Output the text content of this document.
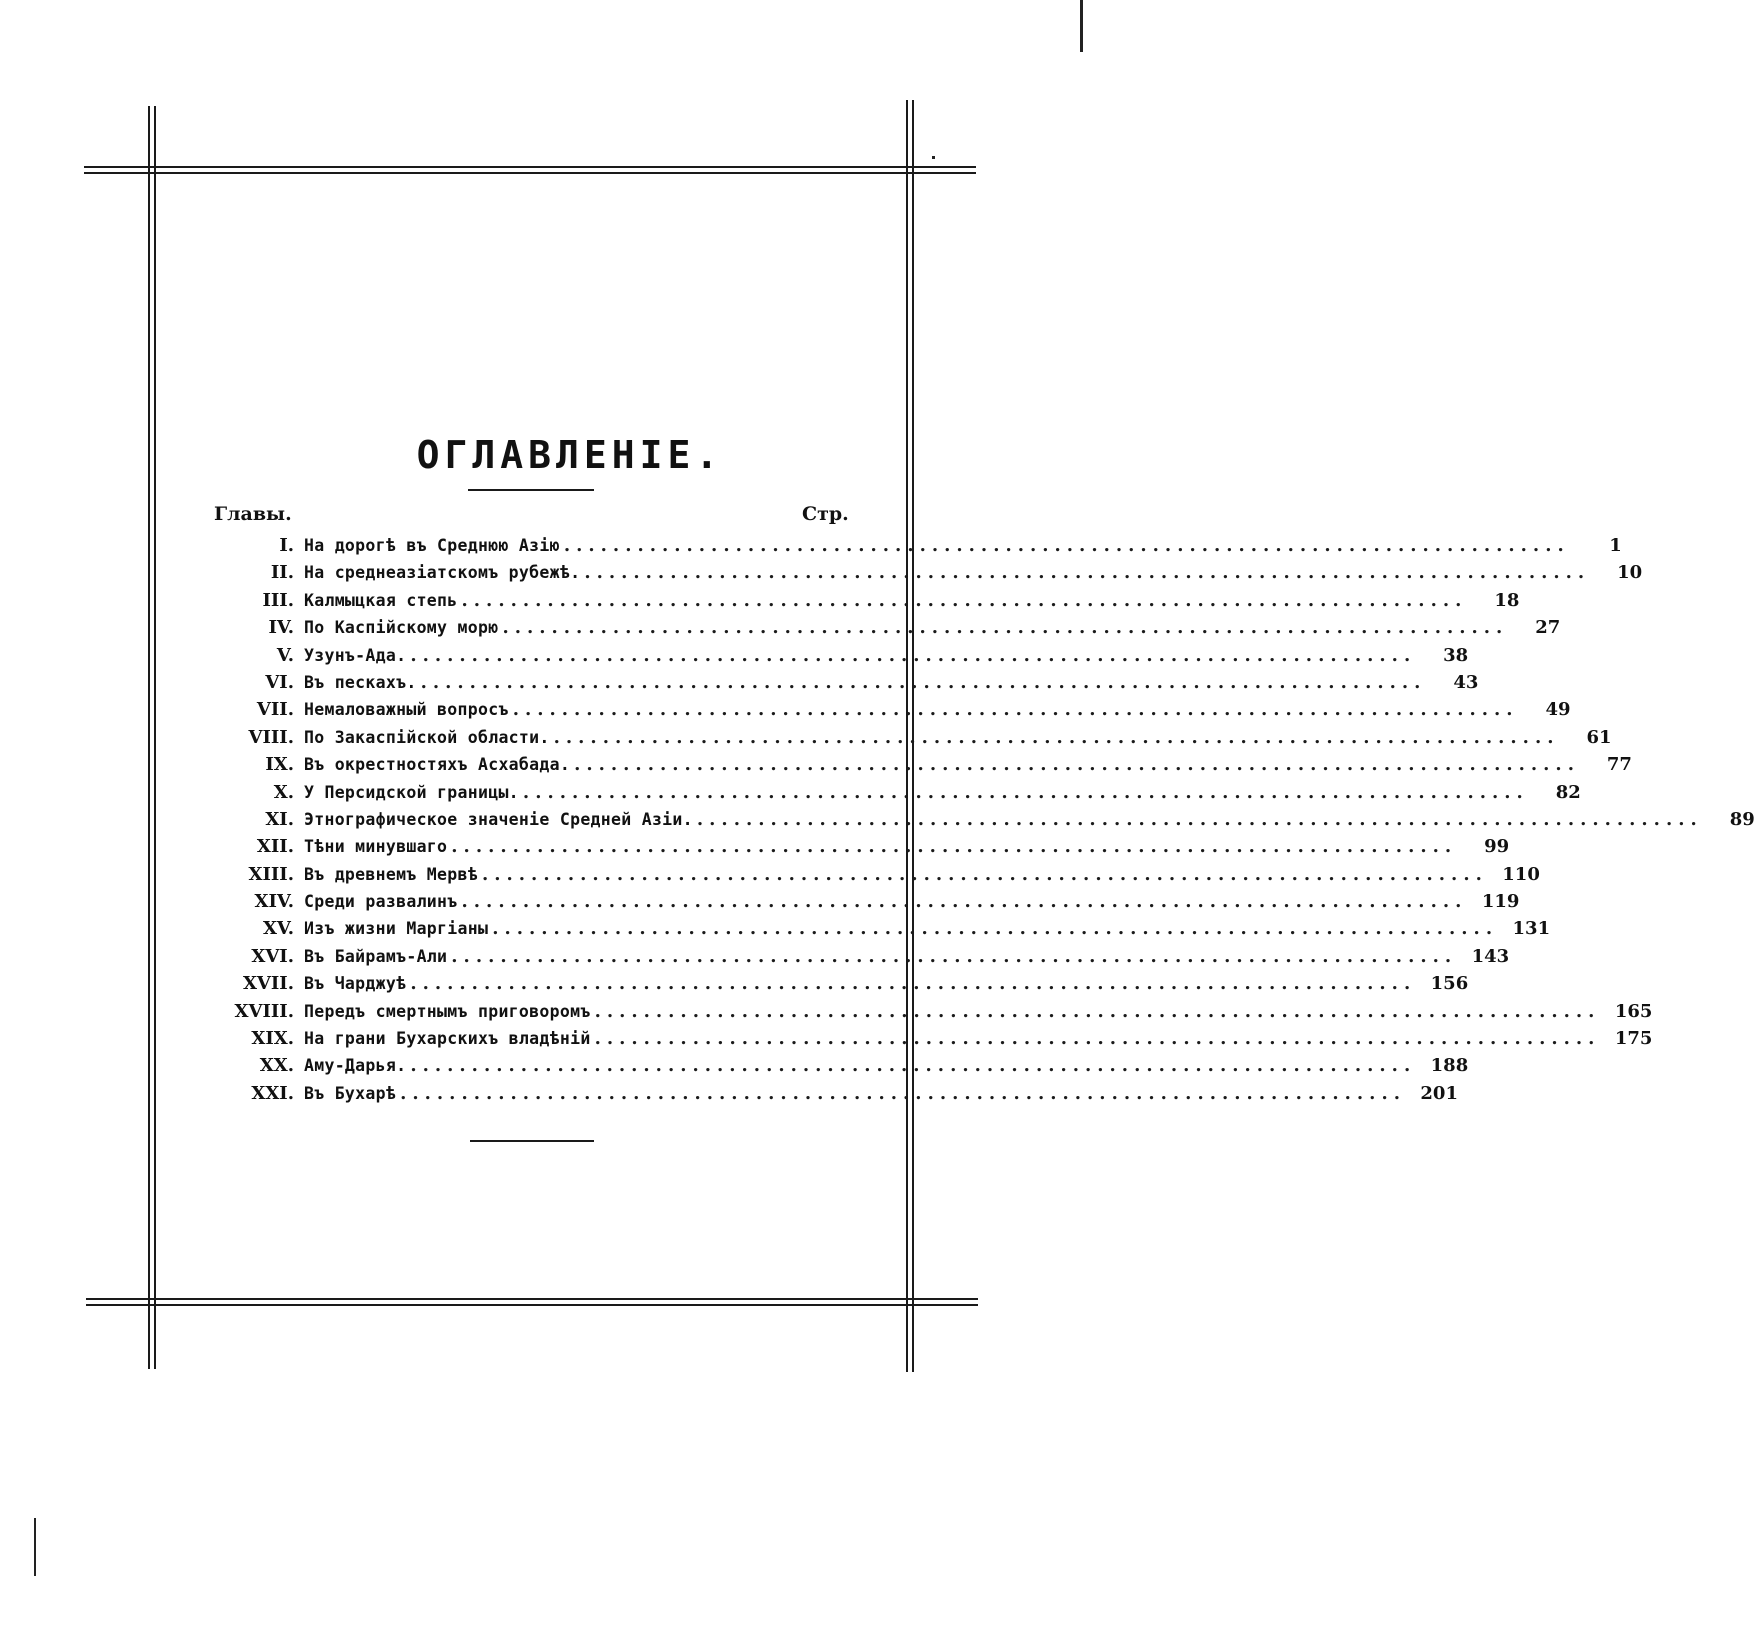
ОГЛАВЛЕНІЕ.
Главы.	Стр.
I. На дорогѣ въ Среднюю Азію ..................................................................................	1
II. На среднеазіатскомъ рубежѣ. ..................................................................................	10
III. Калмыцкая степь ..................................................................................	18
IV. По Каспійскому морю ..................................................................................	27
V. Узунъ-Ада. ..................................................................................	38
VI. Въ пескахъ. ..................................................................................	43
VII. Немаловажный вопросъ ..................................................................................	49
VIII. По Закаспійской области. ..................................................................................	61
IX. Въ окрестностяхъ Асхабада. ..................................................................................	77
X. У Персидской границы. ..................................................................................	82
XI. Этнографическое значеніе Средней Азіи. ..................................................................................	89
XII. Тѣни минувшаго ..................................................................................	99
XIII. Въ древнемъ Мервѣ .................................................................................. 110
XIV. Среди развалинъ .................................................................................. 119
XV. Изъ жизни Маргіаны .................................................................................. 131
XVI. Въ Байрамъ-Али .................................................................................. 143
XVII. Въ Чарджуѣ .................................................................................. 156
XVIII. Передъ смертнымъ приговоромъ .................................................................................. 165
XIX. На грани Бухарскихъ владѣній .................................................................................. 175
XX. Аму-Дарья. .................................................................................. 188
XXI. Въ Бухарѣ .................................................................................. 201
